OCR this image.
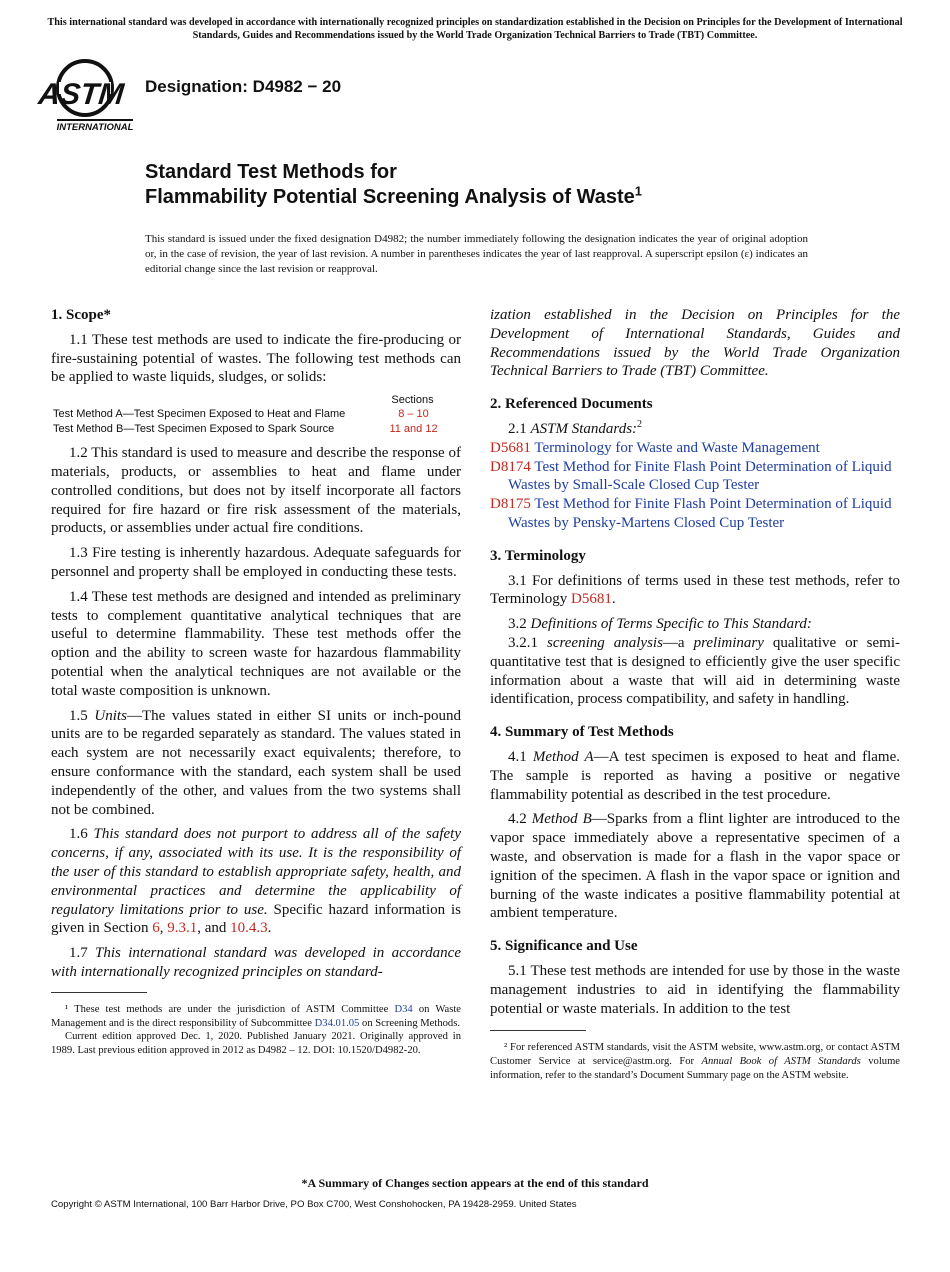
This international standard was developed in accordance with internationally recognized principles on standardization established in the Decision on Principles for the Development of International Standards, Guides and Recommendations issued by the World Trade Organization Technical Barriers to Trade (TBT) Committee.
ASTM
INTERNATIONAL
Designation: D4982 − 20
Standard Test Methods for
Flammability Potential Screening Analysis of Waste$^1$
This standard is issued under the fixed designation D4982; the number immediately following the designation indicates the year of original adoption or, in the case of revision, the year of last revision. A number in parentheses indicates the year of last reapproval. A superscript epsilon (ε) indicates an editorial change since the last revision or reapproval.
1. Scope*

1.1 These test methods are used to indicate the fire-producing or fire-sustaining potential of wastes. The following test methods can be applied to waste liquids, sludges, or solids:

	Sections
Test Method A—Test Specimen Exposed to Heat and Flame	8 – 10
Test Method B—Test Specimen Exposed to Spark Source	11 and 12

1.2 This standard is used to measure and describe the response of materials, products, or assemblies to heat and flame under controlled conditions, but does not by itself incorporate all factors required for fire hazard or fire risk assessment of the materials, products, or assemblies under actual fire conditions.

1.3 Fire testing is inherently hazardous. Adequate safeguards for personnel and property shall be employed in conducting these tests.

1.4 These test methods are designed and intended as preliminary tests to complement quantitative analytical techniques that are useful to determine flammability. These test methods offer the option and the ability to screen waste for hazardous flammability potential when the analytical techniques are not available or the total waste composition is unknown.

1.5 Units—The values stated in either SI units or inch-pound units are to be regarded separately as standard. The values stated in each system are not necessarily exact equivalents; therefore, to ensure conformance with the standard, each system shall be used independently of the other, and values from the two systems shall not be combined.

1.6 This standard does not purport to address all of the safety concerns, if any, associated with its use. It is the responsibility of the user of this standard to establish appropriate safety, health, and environmental practices and determine the applicability of regulatory limitations prior to use. Specific hazard information is given in Section 6, 9.3.1, and 10.4.3.

1.7 This international standard was developed in accordance with internationally recognized principles on standard-

¹ These test methods are under the jurisdiction of ASTM Committee D34 on Waste Management and is the direct responsibility of Subcommittee D34.01.05 on Screening Methods.

Current edition approved Dec. 1, 2020. Published January 2021. Originally approved in 1989. Last previous edition approved in 2012 as D4982 – 12. DOI: 10.1520/D4982-20.

ization established in the Decision on Principles for the Development of International Standards, Guides and Recommendations issued by the World Trade Organization Technical Barriers to Trade (TBT) Committee.

2. Referenced Documents

2.1 ASTM Standards:$^2$

D5681 Terminology for Waste and Waste Management

D8174 Test Method for Finite Flash Point Determination of Liquid Wastes by Small-Scale Closed Cup Tester

D8175 Test Method for Finite Flash Point Determination of Liquid Wastes by Pensky-Martens Closed Cup Tester

3. Terminology

3.1 For definitions of terms used in these test methods, refer to Terminology D5681.

3.2 Definitions of Terms Specific to This Standard:

3.2.1 screening analysis—a preliminary qualitative or semi-quantitative test that is designed to efficiently give the user specific information about a waste that will aid in determining waste identification, process compatibility, and safety in handling.

4. Summary of Test Methods

4.1 Method A—A test specimen is exposed to heat and flame. The sample is reported as having a positive or negative flammability potential as described in the test procedure.

4.2 Method B—Sparks from a flint lighter are introduced to the vapor space immediately above a representative specimen of a waste, and observation is made for a flash in the vapor space or ignition of the specimen. A flash in the vapor space or ignition and burning of the waste indicates a positive flammability potential at ambient temperature.

5. Significance and Use

5.1 These test methods are intended for use by those in the waste management industries to aid in identifying the flammability potential or waste materials. In addition to the test

² For referenced ASTM standards, visit the ASTM website, www.astm.org, or contact ASTM Customer Service at service@astm.org. For Annual Book of ASTM Standards volume information, refer to the standard’s Document Summary page on the ASTM website.

*A Summary of Changes section appears at the end of this standard
Copyright © ASTM International, 100 Barr Harbor Drive, PO Box C700, West Conshohocken, PA 19428-2959. United States
